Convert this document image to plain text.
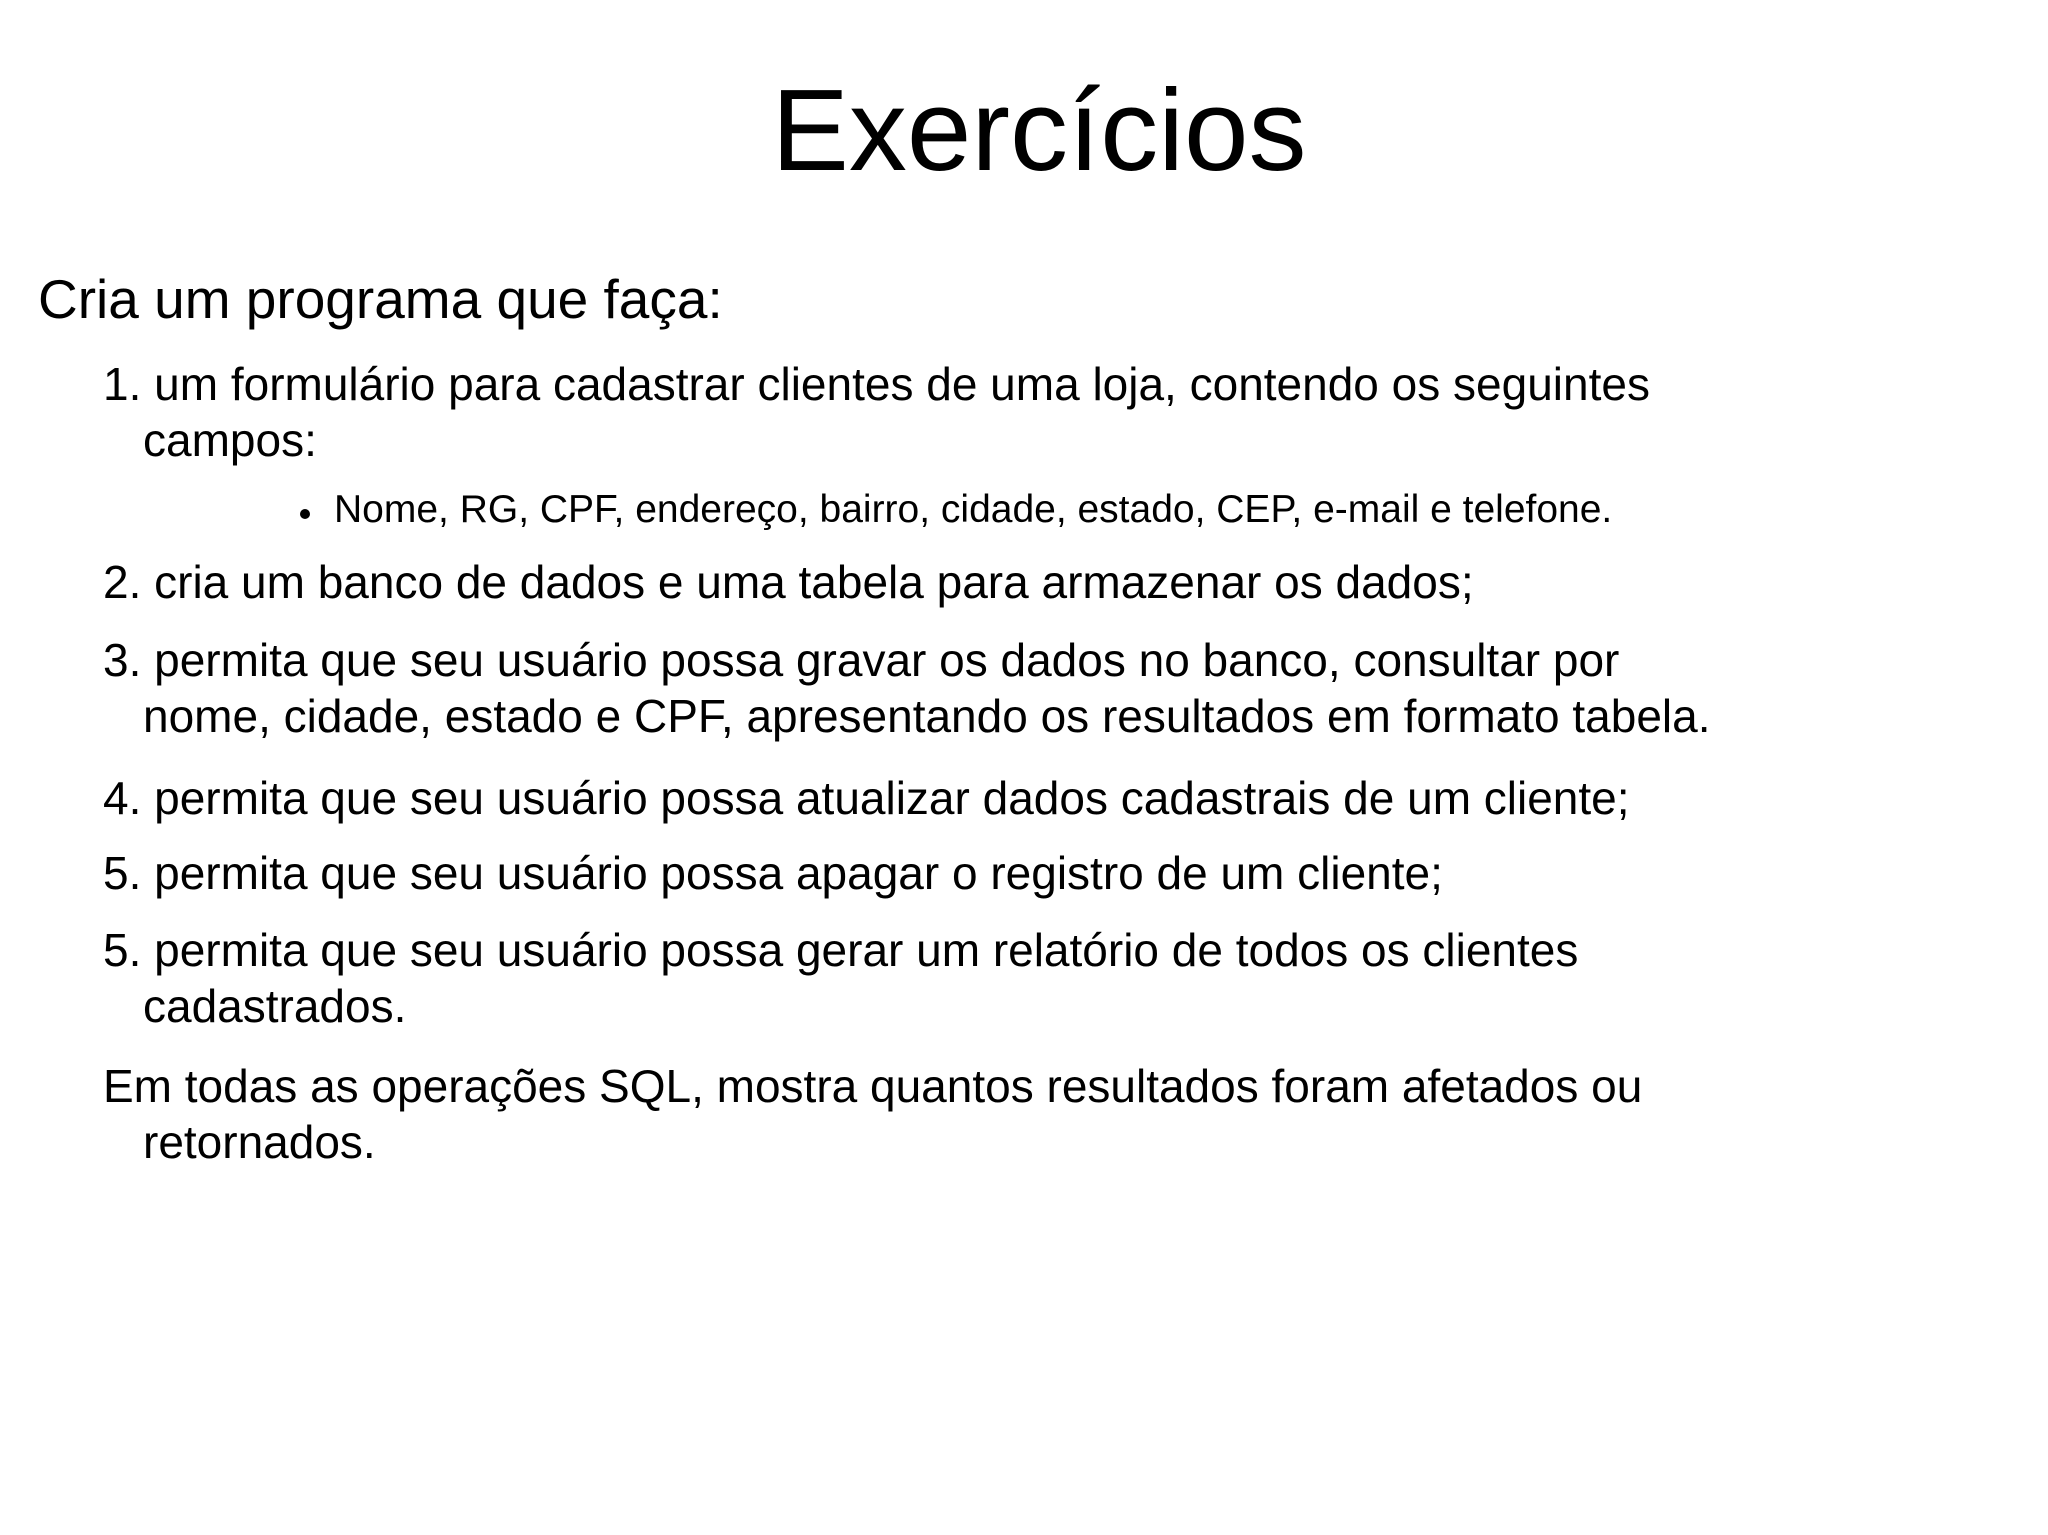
Exercícios

Cria um programa que faça:

1. um formulário para cadastrar clientes de uma loja, contendo os seguintes
campos:

Nome, RG, CPF, endereço, bairro, cidade, estado, CEP, e-mail e telefone.

2. cria um banco de dados e uma tabela para armazenar os dados;

3. permita que seu usuário possa gravar os dados no banco, consultar por
nome, cidade, estado e CPF, apresentando os resultados em formato tabela.

4. permita que seu usuário possa atualizar dados cadastrais de um cliente;

5. permita que seu usuário possa apagar o registro de um cliente;

5. permita que seu usuário possa gerar um relatório de todos os clientes
cadastrados.

Em todas as operações SQL, mostra quantos resultados foram afetados ou
retornados.
